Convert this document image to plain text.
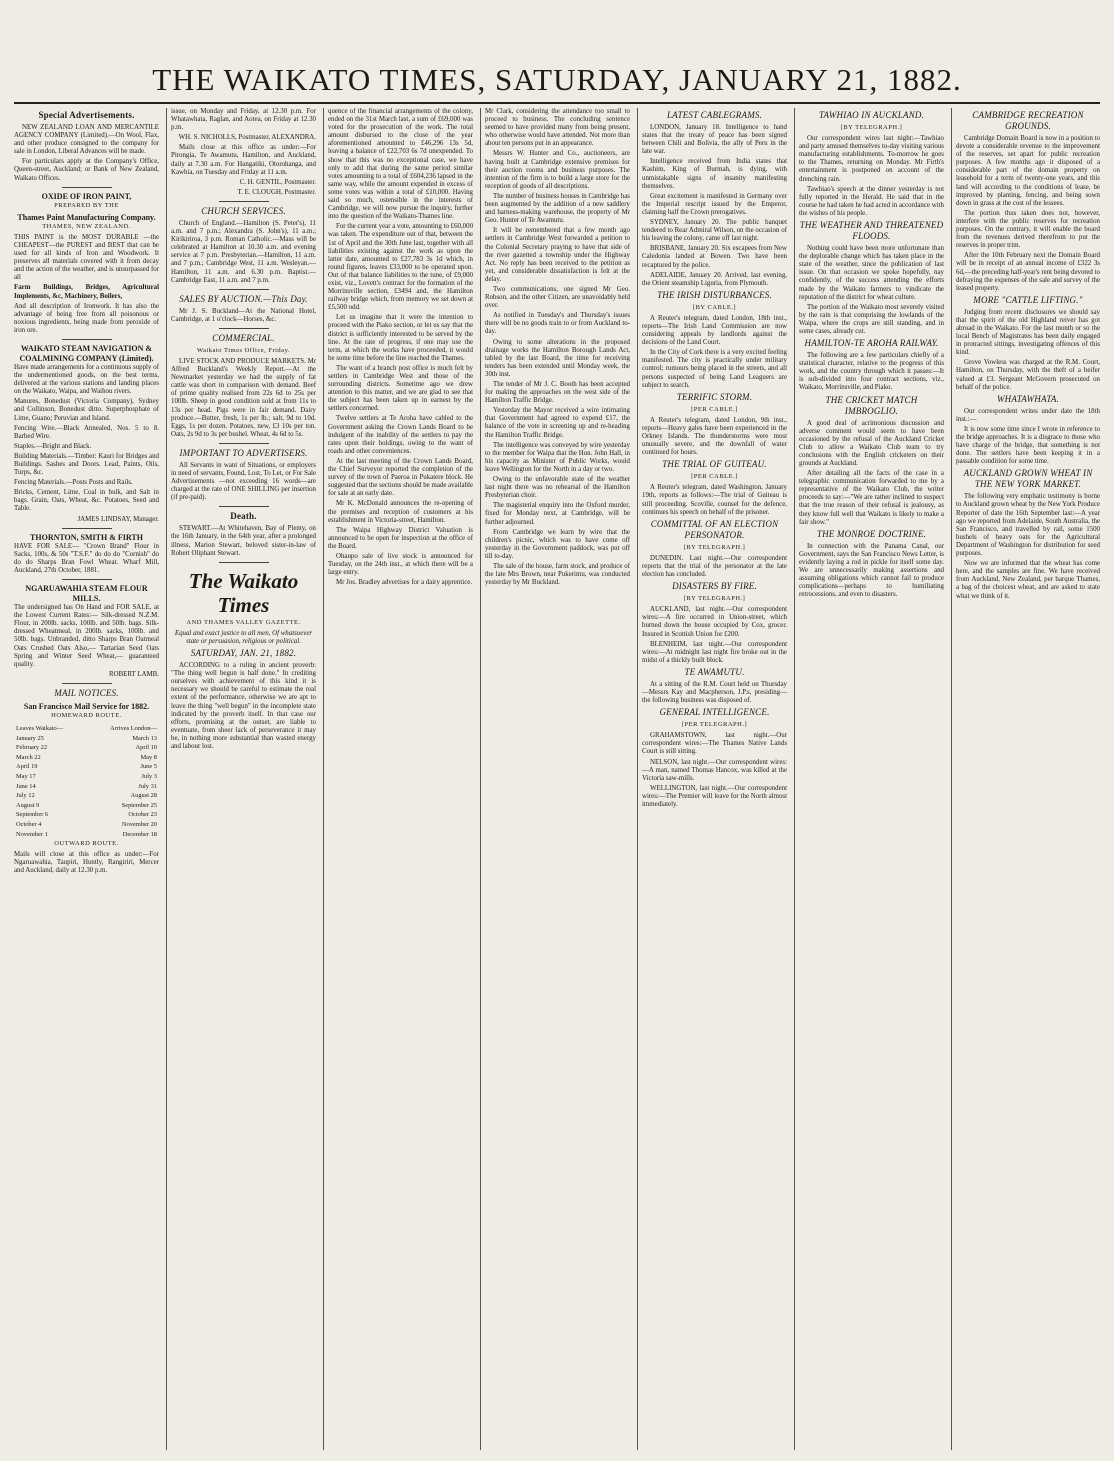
THE WAIKATO TIMES, SATURDAY, JANUARY 21, 1882.
Special Advertisements.

NEW ZEALAND LOAN AND MERCANTILE AGENCY COMPANY (Limited).—On Wool, Flax, and other produce consigned to the company for sale in London, Liberal Advances will be made.

For particulars apply at the Company's Office, Queen-street, Auckland; or Bank of New Zealand, Waikato Offices.

OXIDE OF IRON PAINT,
PREPARED BY THE
Thames Paint Manufacturing Company.
THAMES, NEW ZEALAND.

THIS PAINT is the MOST DURABLE —the CHEAPEST—the PUREST and BEST that can be used for all kinds of Iron and Woodwork. It preserves all materials covered with it from decay and the action of the weather, and is unsurpassed for all

Farm Buildings, Bridges, Agricultural Implements, &c, Machinery, Boilers,

And all description of Ironwork. It has also the advantage of being free from all poisonous or noxious ingredients, being made from peroxide of iron ore.

WAIKATO STEAM NAVIGATION & COALMINING COMPANY (Limited).

Have made arrangements for a continuous supply of the undermentioned goods, on the best terms, delivered at the various stations and landing places on the Waikato, Waipa, and Waihou rivers.

Manures, Bonedust (Victoria Company), Sydney and Collinson, Bonedust ditto. Superphosphate of Lime, Guano; Peruvian and Island.

Fencing Wire.—Black Annealed, Nos. 5 to 8. Barbed Wire.

Staples.—Bright and Black.

Building Materials.—Timber: Kauri for Bridges and Buildings. Sashes and Doors. Lead, Paints, Oils, Turps, &c.

Fencing Materials.—Posts Posts and Rails.

Bricks, Cement, Lime, Coal in bulk, and Salt in bags. Grain, Oats, Wheat, &c. Potatoes, Seed and Table.

JAMES LINDSAY, Manager.

THORNTON, SMITH & FIRTH

HAVE FOR SALE— "Crown Brand" Flour in Sacks, 100s, & 50s "T.S.F." do do do "Cornish" do do do Sharps Bran Fowl Wheat. Wharf Mill, Auckland, 27th October, 1881.

NGARUAWAHIA STEAM FLOUR MILLS.

The undersigned has On Hand and FOR SALE, at the Lowest Current Rates:— Silk-dressed N.Z.M. Flour, in 200lb. sacks, 100lb. and 50lb. bags. Silk-dressed Wheatmeal, in 200lb. sacks, 100lb. and 50lb. bags. Unbranded, ditto Sharps Bran Oatmeal Oats Crushed Oats Also,— Tartarian Seed Oats Spring and Winter Seed Wheat,— guaranteed quality.

ROBERT LAMB.

MAIL NOTICES.
San Francisco Mail Service for 1882.
HOMEWARD ROUTE.
Leaves Waikato—	Arrives London—
January 25	March 13
February 22	April 10
March 22	May 8
April 19	June 5
May 17	July 3
June 14	July 31
July 12	August 28
August 9	September 25
September 6	October 23
October 4	November 20
November 1	December 18
OUTWARD ROUTE.

Mails will close at this office as under:—For Ngaruawahia, Taupiri, Huntly, Rangiriri, Mercer and Auckland, daily at 12.30 p.m.

issue, on Monday and Friday, at 12.30 p.m. For Whatawhata, Raglan, and Aotea, on Friday at 12.30 p.m.

WH. S. NICHOLLS, Postmaster, ALEXANDRA.

Mails close at this office as under:—For Pirongia, Te Awamutu, Hamilton, and Auckland, daily at 7.30 a.m. For Hangatiki, Otorohanga, and Kawhia, on Tuesday and Friday at 11 a.m.

C. H. GENTIL, Postmaster.

T. E. CLOUGH, Postmaster.

CHURCH SERVICES.

Church of England.—Hamilton (S. Peter's), 11 a.m. and 7 p.m.; Alexandra (S. John's), 11 a.m.; Kirikiriroa, 3 p.m. Roman Catholic.—Mass will be celebrated at Hamilton at 10.30 a.m. and evening service at 7 p.m. Presbyterian.—Hamilton, 11 a.m. and 7 p.m.; Cambridge West, 11 a.m. Wesleyan.—Hamilton, 11 a.m. and 6.30 p.m. Baptist.—Cambridge East, 11 a.m. and 7 p.m.

SALES BY AUCTION.—This Day.

Mr J. S. Buckland—At the National Hotel, Cambridge, at 1 o'clock—Horses, &c.

COMMERCIAL.
Waikato Times Office, Friday.

LIVE STOCK AND PRODUCE MARKETS. Mr Alfred Buckland's Weekly Report.—At the Newmarket yesterday we had the supply of fat cattle was short in comparison with demand. Beef of prime quality realised from 22s 6d to 25s per 100lb. Sheep in good condition sold at from 11s to 13s per head. Pigs were in fair demand. Dairy produce.—Butter, fresh, 1s per lb.; salt, 9d to 10d. Eggs, 1s per dozen. Potatoes, new, £3 10s per ton. Oats, 2s 9d to 3s per bushel. Wheat, 4s 6d to 5s.

IMPORTANT TO ADVERTISERS.

All Servants in want of Situations, or employers in need of servants, Found, Lost, To Let, or For Sale Advertisements —not exceeding 16 words—are charged at the rate of ONE SHILLING per insertion (if pre-paid).

Death.

STEWART.—At Whitehaven, Bay of Plenty, on the 16th January, in the 64th year, after a prolonged illness, Marion Stewart, beloved sister-in-law of Robert Oliphant Stewart.

The Waikato Times
AND THAMES VALLEY GAZETTE.

Equal and exact justice to all men, Of whatsoever state or persuasion, religious or political.

SATURDAY, JAN. 21, 1882.

ACCORDING to a ruling in ancient proverb: "The thing well begun is half done." In crediting ourselves with achievement of this kind it is necessary we should be careful to estimate the real extent of the performance, otherwise we are apt to leave the thing "well begun" in the incomplete state indicated by the proverb itself. In that case our efforts, promising at the outset, are liable to eventuate, from sheer lack of perseverance it may be, in nothing more substantial than wasted energy and labour lost.

quence of the financial arrangements of the colony, ended on the 31st March last, a sum of £69,000 was voted for the prosecution of the work. The total amount disbursed to the close of the year aforementioned amounted to £46,296 13s 5d, leaving a balance of £22,703 6s 7d unexpended. To show that this was no exceptional case, we have only to add that during the same period similar votes amounting to a total of £604,236 lapsed in the same way, while the amount expended in excess of some votes was within a total of £10,000. Having said so much, ostensible in the interests of Cambridge, we will now pursue the inquiry, further into the question of the Waikato-Thames line.

For the current year a vote, amounting to £60,000 was taken. The expenditure out of that, between the 1st of April and the 30th June last, together with all liabilities existing against the work as upon the latter date, amounted to £27,783 3s 1d which, in round figures, leaves £33,000 to be operated upon. Out of that balance liabilities to the tune, of £9,000 exist, viz., Lovett's contract for the formation of the Morrinsville section, £3494 and, the Hamilton railway bridge which, from memory we set down at £5,500 odd.

Let us imagine that it were the intention to proceed with the Piako section, or let us say that the district is sufficiently interested to be served by the line. At the rate of progress, if one may use the term, at which the works have proceeded, it would be some time before the line reached the Thames.

The want of a branch post office is much felt by settlers in Cambridge West and those of the surrounding districts. Sometime ago we drew attention to this matter, and we are glad to see that the subject has been taken up in earnest by the settlers concerned.

Twelve settlers at Te Aroha have cabled to the Government asking the Crown Lands Board to be indulgent of the inability of the settlers to pay the rates upon their holdings, owing to the want of roads and other conveniences.

At the last meeting of the Crown Lands Board, the Chief Surveyor reported the completion of the survey of the town of Paeroa in Pukatere block. He suggested that the sections should be made available for sale at an early date.

Mr K. McDonald announces the re-opening of the premises and reception of customers at his establishment in Victoria-street, Hamilton.

The Waipa Highway District Valuation is announced to be open for inspection at the office of the Board.

Ohaupo sale of live stock is announced for Tuesday, on the 24th inst., at which there will be a large entry.

Mr Jos. Bradley advertises for a dairy apprentice.

Mr Clark, considering the attendance too small to proceed to business. The concluding sentence seemed to have provided many from being present, who otherwise would have attended. Not more than about ten persons put in an appearance.

Messrs W. Hunter and Co., auctioneers, are having built at Cambridge extensive premises for their auction rooms and business purposes. The intention of the firm is to build a large store for the reception of goods of all descriptions.

The number of business houses in Cambridge has been augmented by the addition of a new saddlery and harness-making warehouse, the property of Mr Geo. Hunter of Te Awamutu.

It will be remembered that a few month ago settlers in Cambridge West forwarded a petition to the Colonial Secretary praying to have that side of the river gazetted a township under the Highway Act. No reply has been received to the petition as yet, and considerable dissatisfaction is felt at the delay.

Two communications, one signed Mr Geo. Robson, and the other Citizen, are unavoidably held over.

As notified in Tuesday's and Thursday's issues there will be no goods train to or from Auckland to-day.

Owing to some alterations in the proposed drainage works the Hamilton Borough Lands Act, tabled by the last Board, the time for receiving tenders has been extended until Monday week, the 30th inst.

The tender of Mr J. C. Booth has been accepted for making the approaches on the west side of the Hamilton Traffic Bridge.

Yesterday the Mayor received a wire intimating that Government had agreed to expend £17, the balance of the vote in screening up and re-heading the Hamilton Traffic Bridge.

The intelligence was conveyed by wire yesterday to the member for Waipa that the Hon. John Hall, in his capacity as Minister of Public Works, would leave Wellington for the North in a day or two.

Owing to the unfavorable state of the weather last night there was no rehearsal of the Hamilton Presbyterian choir.

The magisterial enquiry into the Oxford murder, fixed for Monday next, at Cambridge, will be further adjourned.

From Cambridge we learn by wire that the children's picnic, which was to have come off yesterday in the Government paddock, was put off till to-day.

The sale of the house, farm stock, and produce of the late Mrs Brown, near Pukerimu, was conducted yesterday by Mr Buckland.

LATEST CABLEGRAMS.

LONDON, January 18. Intelligence to hand states that the treaty of peace has been signed between Chili and Bolivia, the ally of Peru in the late war.

Intelligence received from India states that Kashim, King of Burmah, is dying, with unmistakable signs of insanity manifesting themselves.

Great excitement is manifested in Germany over the Imperial rescript issued by the Emperor, claiming half the Crown prerogatives.

SYDNEY, January 20. The public banquet tendered to Rear Admiral Wilson, on the occasion of his leaving the colony, came off last night.

BRISBANE, January 20. Six escapees from New Caledonia landed at Bowen. Two have been recaptured by the police.

ADELAIDE, January 20. Arrived, last evening, the Orient steamship Liguria, from Plymouth.

THE IRISH DISTURBANCES.
[BY CABLE.]

A Reuter's telegram, dated London, 18th inst., reports—The Irish Land Commission are now considering appeals by landlords against the decisions of the Land Court.

In the City of Cork there is a very excited feeling manifested. The city is practically under military control; rumours being placed in the streets, and all persons suspected of being Land Leaguers are subject to search.

TERRIFIC STORM.
[PER CABLE.]

A Reuter's telegram, dated London, 9th inst., reports—Heavy gales have been experienced in the Orkney Islands. The thunderstorms were most unusually severe, and the downfall of water continued for hours.

THE TRIAL OF GUITEAU.
[PER CABLE.]

A Reuter's telegram, dated Washington, January 19th, reports as follows:—The trial of Guiteau is still proceeding. Scoville, counsel for the defence, continues his speech on behalf of the prisoner.

COMMITTAL OF AN ELECTION PERSONATOR.
[BY TELEGRAPH.]

DUNEDIN. Last night.—Our correspondent reports that the trial of the personator at the late election has concluded.

DISASTERS BY FIRE.
[BY TELEGRAPH.]

AUCKLAND, last night.—Our correspondent wires:—A fire occurred in Union-street, which burned down the house occupied by Cox, grocer. Insured in Scottish Union for £200.

BLENHEIM, last night.—Our correspondent wires:—At midnight last night fire broke out in the midst of a thickly built block.

TE AWAMUTU.

At a sitting of the R.M. Court held on Thursday—Messrs Kay and Macpherson, J.P.s, presiding—the following business was disposed of.

GENERAL INTELLIGENCE.
[PER TELEGRAPH.]

GRAHAMSTOWN, last night.—Our correspondent wires:—The Thames Native Lands Court is still sitting.

NELSON, last night.—Our correspondent wires:—A man, named Thomas Hancox, was killed at the Victoria saw-mills.

WELLINGTON, last night.—Our correspondent wires:—The Premier will leave for the North almost immediately.

TAWHIAO IN AUCKLAND.
[BY TELEGRAPH.]

Our correspondent wires last night:—Tawhiao and party amused themselves to-day visiting various manufacturing establishments. To-morrow he goes to the Thames, returning on Monday. Mr Firth's entertainment is postponed on account of the drenching rain.

Tawhiao's speech at the dinner yesterday is not fully reported in the Herald. He said that in the course he had taken he had acted in accordance with the wishes of his people.

THE WEATHER AND THREATENED FLOODS.

Nothing could have been more unfortunate than the deplorable change which has taken place in the state of the weather, since the publication of last issue. On that occasion we spoke hopefully, nay confidently, of the success attending the efforts made by the Waikato farmers to vindicate the reputation of the district for wheat culture.

The portion of the Waikato most severely visited by the rain is that comprising the lowlands of the Waipa, where the crops are still standing, and in some cases, already cut.

HAMILTON-TE AROHA RAILWAY.

The following are a few particulars chiefly of a statistical character, relative to the progress of this work, and the country through which it passes:—It is sub-divided into four contract sections, viz., Waikato, Morrinsville, and Piako.

THE CRICKET MATCH IMBROGLIO.

A good deal of acrimonious discussion and adverse comment would seem to have been occasioned by the refusal of the Auckland Cricket Club to allow a Waikato Club team to try conclusions with the English cricketers on their grounds at Auckland.

After detailing all the facts of the case in a telegraphic communication forwarded to me by a representative of the Waikato Club, the writer proceeds to say:—"We are rather inclined to suspect that the true reason of their refusal is jealousy, as they know full well that Waikato is likely to make a fair show."

THE MONROE DOCTRINE.

In connection with the Panama Canal, our Government, says the San Francisco News Letter, is evidently laying a rod in pickle for itself some day. We are unnecessarily making assertions and assuming obligations which cannot fail to produce complications—perhaps to humiliating retrocessions, and even to disasters.

CAMBRIDGE RECREATION GROUNDS.

Cambridge Domain Board is now in a position to devote a considerable revenue to the improvement of the reserves, set apart for public recreation purposes. A few months ago it disposed of a considerable part of the domain property on leasehold for a term of twenty-one years, and this land will according to the conditions of lease, be improved by planting, fencing, and being sown down in grass at the cost of the lessees.

The portion thus taken does not, however, interfere with the public reserves for recreation purposes. On the contrary, it will enable the board from the revenues derived therefrom to put the reserves in proper trim.

After the 10th February next the Domain Board will be in receipt of an annual income of £322 3s 6d,—the preceding half-year's rent being devoted to defraying the expenses of the sale and survey of the leased property.

MORE "CATTLE LIFTING."

Judging from recent disclosures we should say that the spirit of the old Highland reiver has got abroad in the Waikato. For the last month or so the local Bench of Magistrates has been daily engaged in protracted sittings, investigating offences of this kind.

Grove Vowless was charged at the R.M. Court, Hamilton, on Thursday, with the theft of a heifer valued at £3. Sergeant McGovern prosecuted on behalf of the police.

WHATAWHATA.

Our correspondent writes under date the 18th inst.:—

It is now some time since I wrote in reference to the bridge approaches. It is a disgrace to those who have charge of the bridge, that something is not done. The settlers have been keeping it in a passable condition for some time.

AUCKLAND GROWN WHEAT IN THE NEW YORK MARKET.

The following very emphatic testimony is borne to Auckland grown wheat by the New York Produce Reporter of date the 16th September last:—A year ago we reported from Adelaide, South Australia, the San Francisco, and travelled by rail, some 1500 bushels of heavy oats for the Agricultural Department of Washington for distribution for seed purposes.

Now we are informed that the wheat has come here, and the samples are fine. We have received from Auckland, New Zealand, per barque Thames, a bag of the choicest wheat, and are asked to state what we think of it.
